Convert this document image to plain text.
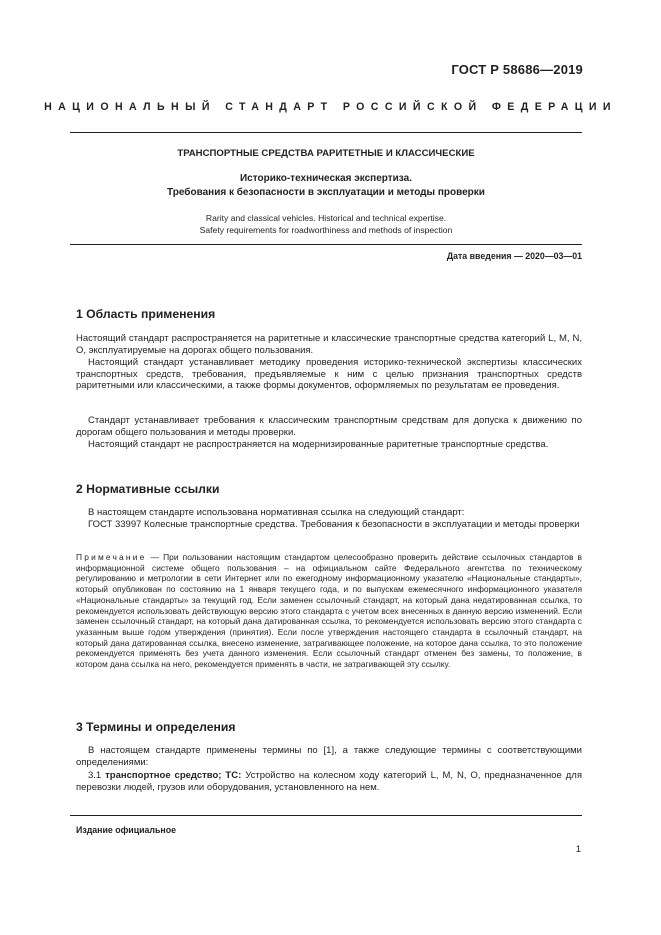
ГОСТ Р 58686—2019
НАЦИОНАЛЬНЫЙ СТАНДАРТ РОССИЙСКОЙ ФЕДЕРАЦИИ
ТРАНСПОРТНЫЕ СРЕДСТВА РАРИТЕТНЫЕ И КЛАССИЧЕСКИЕ
Историко-техническая экспертиза.
Требования к безопасности в эксплуатации и методы проверки
Rarity and classical vehicles. Historical and technical expertise.
Safety requirements for roadworthiness and methods of inspection
Дата введения — 2020—03—01
1 Область применения

Настоящий стандарт распространяется на раритетные и классические транспортные средства категорий L, M, N, O, эксплуатируемые на дорогах общего пользования.

Настоящий стандарт устанавливает методику проведения историко-технической экспертизы классических транспортных средств, требования, предъявляемые к ним с целью признания транспортных средств раритетными или классическими, а также формы документов, оформляемых по результатам ее проведения.

Стандарт устанавливает требования к классическим транспортным средствам для допуска к движению по дорогам общего пользования и методы проверки.

Настоящий стандарт не распространяется на модернизированные раритетные транспортные средства.

2 Нормативные ссылки

В настоящем стандарте использована нормативная ссылка на следующий стандарт:

ГОСТ 33997 Колесные транспортные средства. Требования к безопасности в эксплуатации и методы проверки

Примечание — При пользовании настоящим стандартом целесообразно проверить действие ссылочных стандартов в информационной системе общего пользования – на официальном сайте Федерального агентства по техническому регулированию и метрологии в сети Интернет или по ежегодному информационному указателю «Национальные стандарты», который опубликован по состоянию на 1 января текущего года, и по выпускам ежемесячного информационного указателя «Национальные стандарты» за текущий год. Если заменен ссылочный стандарт, на который дана недатированная ссылка, то рекомендуется использовать действующую версию этого стандарта с учетом всех внесенных в данную версию изменений. Если заменен ссылочный стандарт, на который дана датированная ссылка, то рекомендуется использовать версию этого стандарта с указанным выше годом утверждения (принятия). Если после утверждения настоящего стандарта в ссылочный стандарт, на который дана датированная ссылка, внесено изменение, затрагивающее положение, на которое дана ссылка, то это положение рекомендуется применять без учета данного изменения. Если ссылочный стандарт отменен без замены, то положение, в котором дана ссылка на него, рекомендуется применять в части, не затрагивающей эту ссылку.
3 Термины и определения

В настоящем стандарте применены термины по [1], а также следующие термины с соответствующими определениями:

3.1 транспортное средство; ТС: Устройство на колесном ходу категорий L, M, N, O, предназначенное для перевозки людей, грузов или оборудования, установленного на нем.

Издание официальное
1
